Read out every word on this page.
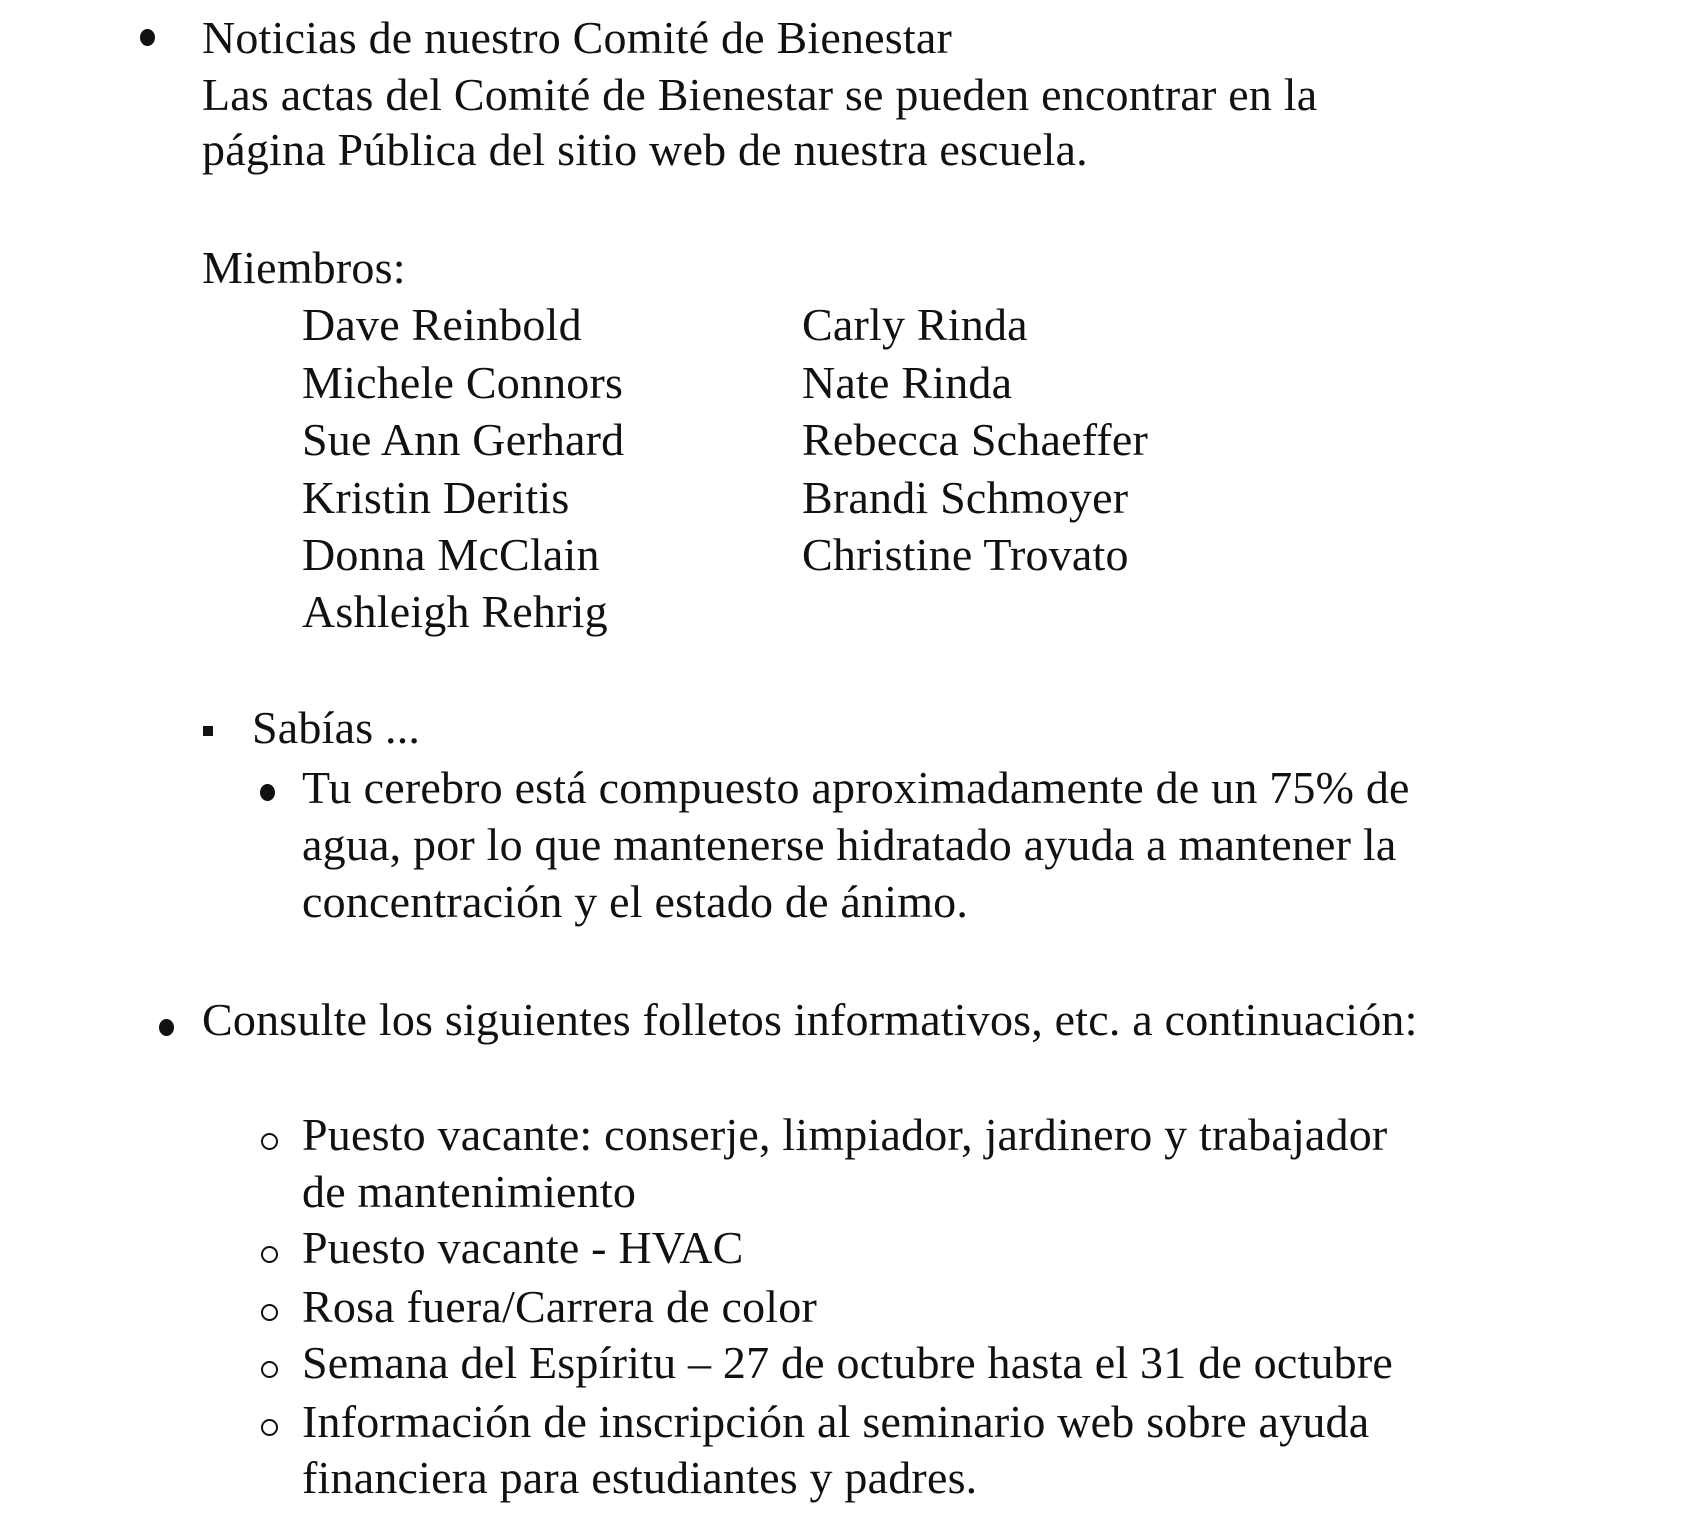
Noticias de nuestro Comité de Bienestar
Las actas del Comité de Bienestar se pueden encontrar en la
página Pública del sitio web de nuestra escuela.
Miembros:
Dave Reinbold
Michele Connors
Sue Ann Gerhard
Kristin Deritis
Donna McClain
Ashleigh Rehrig
Carly Rinda
Nate Rinda
Rebecca Schaeffer
Brandi Schmoyer
Christine Trovato
Sabías ...
Tu cerebro está compuesto aproximadamente de un 75% de
agua, por lo que mantenerse hidratado ayuda a mantener la
concentración y el estado de ánimo.
Consulte los siguientes folletos informativos, etc. a continuación:
Puesto vacante: conserje, limpiador, jardinero y trabajador
de mantenimiento
Puesto vacante - HVAC
Rosa fuera/Carrera de color
Semana del Espíritu – 27 de octubre hasta el 31 de octubre
Información de inscripción al seminario web sobre ayuda
financiera para estudiantes y padres.
